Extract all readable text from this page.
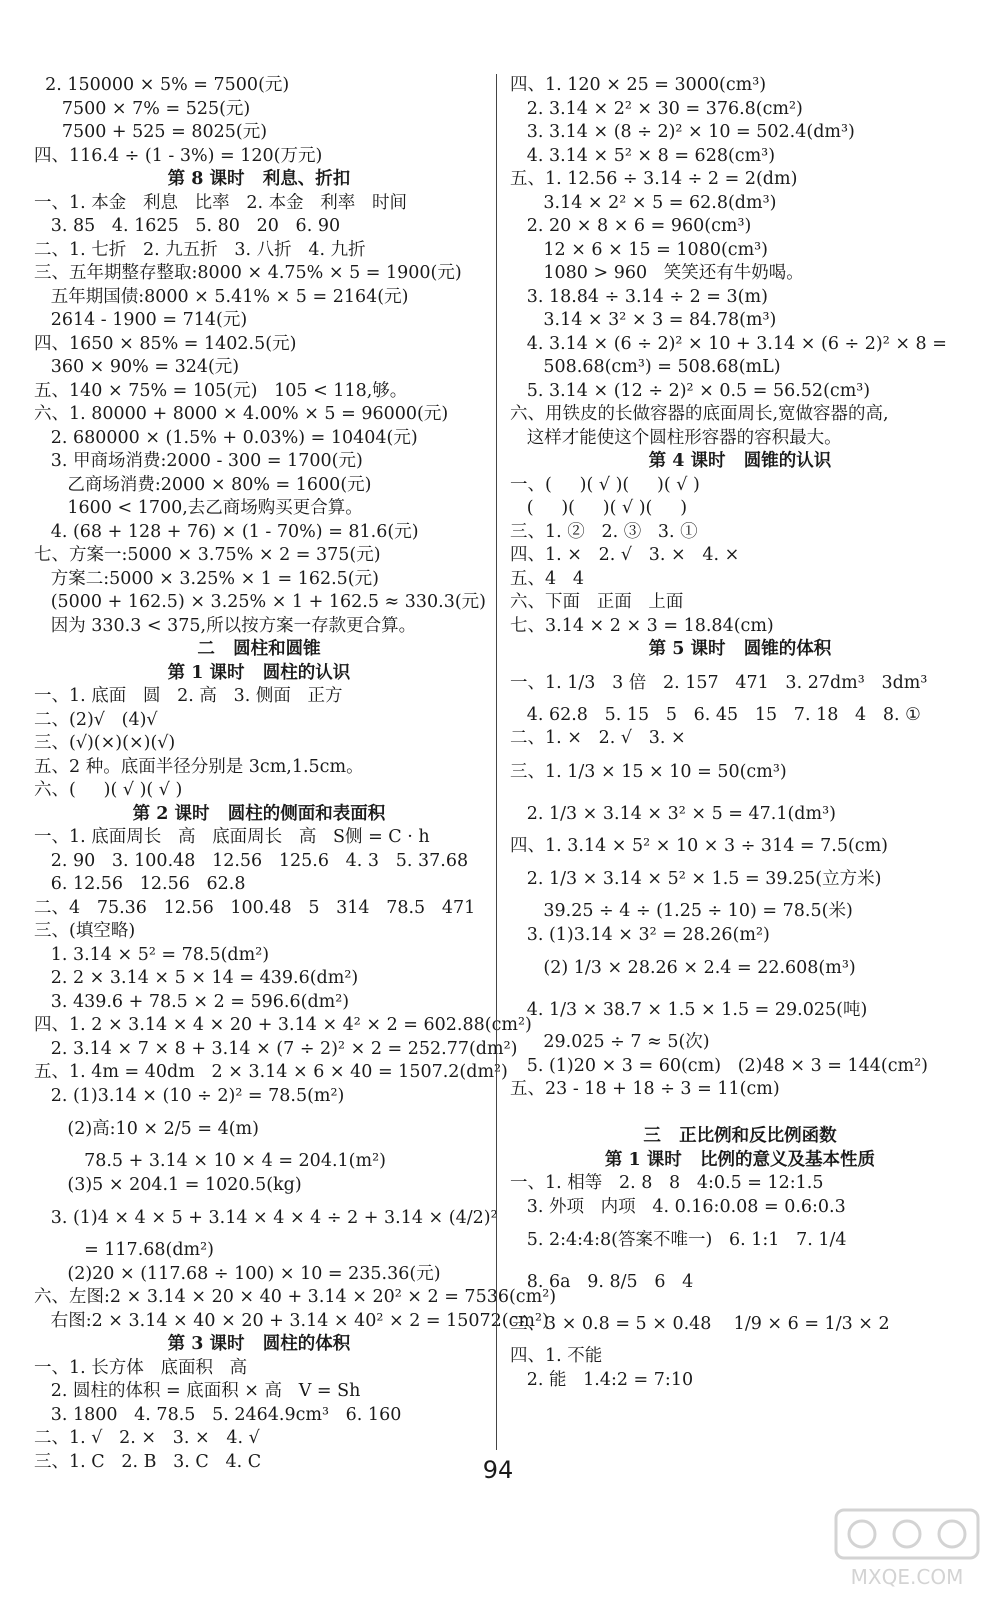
2. 150000 × 5% = 7500(元)
7500 × 7% = 525(元)
7500 + 525 = 8025(元)
四、116.4 ÷ (1 - 3%) = 120(万元)
第 8 课时   利息、折扣
一、1. 本金   利息   比率   2. 本金   利率   时间
3. 85   4. 1625   5. 80   20   6. 90
二、1. 七折   2. 九五折   3. 八折   4. 九折
三、五年期整存整取:8000 × 4.75% × 5 = 1900(元)
五年期国债:8000 × 5.41% × 5 = 2164(元)
2614 - 1900 = 714(元)
四、1650 × 85% = 1402.5(元)
360 × 90% = 324(元)
五、140 × 75% = 105(元)   105 < 118,够。
六、1. 80000 + 8000 × 4.00% × 5 = 96000(元)
2. 680000 × (1.5% + 0.03%) = 10404(元)
3. 甲商场消费:2000 - 300 = 1700(元)
乙商场消费:2000 × 80% = 1600(元)
1600 < 1700,去乙商场购买更合算。
4. (68 + 128 + 76) × (1 - 70%) = 81.6(元)
七、方案一:5000 × 3.75% × 2 = 375(元)
方案二:5000 × 3.25% × 1 = 162.5(元)
(5000 + 162.5) × 3.25% × 1 + 162.5 ≈ 330.3(元)
因为 330.3 < 375,所以按方案一存款更合算。
二   圆柱和圆锥
第 1 课时   圆柱的认识
一、1. 底面   圆   2. 高   3. 侧面   正方
二、(2)√   (4)√
三、(√)(×)(×)(√)
五、2 种。底面半径分别是 3cm,1.5cm。
六、(     )( √ )( √ )
第 2 课时   圆柱的侧面和表面积
一、1. 底面周长   高   底面周长   高   S侧 = C · h
2. 90   3. 100.48   12.56   125.6   4. 3   5. 37.68
6. 12.56   12.56   62.8
二、4   75.36   12.56   100.48   5   314   78.5   471
三、(填空略)
1. 3.14 × 5² = 78.5(dm²)
2. 2 × 3.14 × 5 × 14 = 439.6(dm²)
3. 439.6 + 78.5 × 2 = 596.6(dm²)
四、1. 2 × 3.14 × 4 × 20 + 3.14 × 4² × 2 = 602.88(cm²)
2. 3.14 × 7 × 8 + 3.14 × (7 ÷ 2)² × 2 = 252.77(dm²)
五、1. 4m = 40dm   2 × 3.14 × 6 × 40 = 1507.2(dm²)
2. (1)3.14 × (10 ÷ 2)² = 78.5(m²)
(2)高:10 × 2/5 = 4(m)
78.5 + 3.14 × 10 × 4 = 204.1(m²)
(3)5 × 204.1 = 1020.5(kg)
3. (1)4 × 4 × 5 + 3.14 × 4 × 4 ÷ 2 + 3.14 × (4/2)²
= 117.68(dm²)
(2)20 × (117.68 ÷ 100) × 10 = 235.36(元)
六、左图:2 × 3.14 × 20 × 40 + 3.14 × 20² × 2 = 7536(cm²)
右图:2 × 3.14 × 40 × 20 + 3.14 × 40² × 2 = 15072(cm²)
第 3 课时   圆柱的体积
一、1. 长方体   底面积   高
2. 圆柱的体积 = 底面积 × 高   V = Sh
3. 1800   4. 78.5   5. 2464.9cm³   6. 160
二、1. √   2. ×   3. ×   4. √
三、1. C   2. B   3. C   4. C
四、1. 120 × 25 = 3000(cm³)
2. 3.14 × 2² × 30 = 376.8(cm²)
3. 3.14 × (8 ÷ 2)² × 10 = 502.4(dm³)
4. 3.14 × 5² × 8 = 628(cm³)
五、1. 12.56 ÷ 3.14 ÷ 2 = 2(dm)
3.14 × 2² × 5 = 62.8(dm³)
2. 20 × 8 × 6 = 960(cm³)
12 × 6 × 15 = 1080(cm³)
1080 > 960   笑笑还有牛奶喝。
3. 18.84 ÷ 3.14 ÷ 2 = 3(m)
3.14 × 3² × 3 = 84.78(m³)
4. 3.14 × (6 ÷ 2)² × 10 + 3.14 × (6 ÷ 2)² × 8 =
508.68(cm³) = 508.68(mL)
5. 3.14 × (12 ÷ 2)² × 0.5 = 56.52(cm³)
六、用铁皮的长做容器的底面周长,宽做容器的高,
这样才能使这个圆柱形容器的容积最大。
第 4 课时   圆锥的认识
一、(     )( √ )(     )( √ )
(     )(     )( √ )(     )
三、1. ②   2. ③   3. ①
四、1. ×   2. √   3. ×   4. ×
五、4   4
六、下面   正面   上面
七、3.14 × 2 × 3 = 18.84(cm)
第 5 课时   圆锥的体积
一、1. 1/3   3 倍   2. 157   471   3. 27dm³   3dm³
4. 62.8   5. 15   5   6. 45   15   7. 18   4   8. ①
二、1. ×   2. √   3. ×
三、1. 1/3 × 15 × 10 = 50(cm³)
2. 1/3 × 3.14 × 3² × 5 = 47.1(dm³)
四、1. 3.14 × 5² × 10 × 3 ÷ 314 = 7.5(cm)
2. 1/3 × 3.14 × 5² × 1.5 = 39.25(立方米)
39.25 ÷ 4 ÷ (1.25 ÷ 10) = 78.5(米)
3. (1)3.14 × 3² = 28.26(m²)
(2) 1/3 × 28.26 × 2.4 = 22.608(m³)
4. 1/3 × 38.7 × 1.5 × 1.5 = 29.025(吨)
29.025 ÷ 7 ≈ 5(次)
5. (1)20 × 3 = 60(cm)   (2)48 × 3 = 144(cm²)
五、23 - 18 + 18 ÷ 3 = 11(cm)
三   正比例和反比例函数
第 1 课时   比例的意义及基本性质
一、1. 相等   2. 8   8   4:0.5 = 12:1.5
3. 外项   内项   4. 0.16:0.08 = 0.6:0.3
5. 2:4:4:8(答案不唯一)   6. 1:1   7. 1/4
8. 6a   9. 8/5   6   4
三、3 × 0.8 = 5 × 0.48    1/9 × 6 = 1/3 × 2
四、1. 不能
2. 能   1.4:2 = 7:10
94
MXQE.COM
